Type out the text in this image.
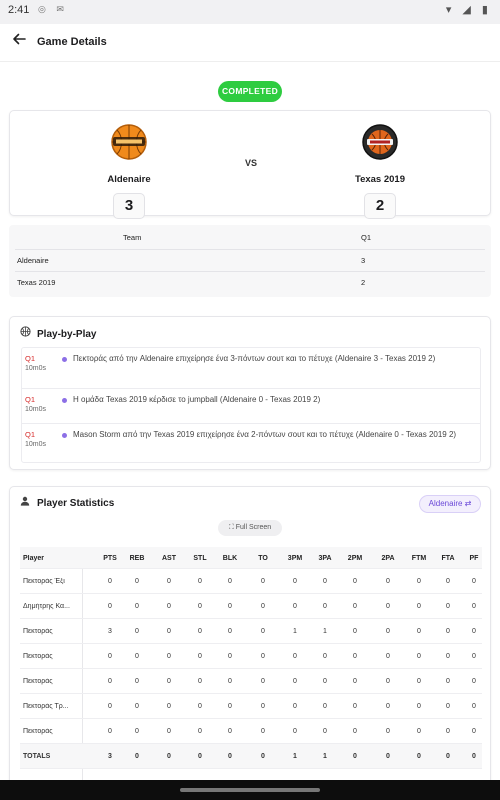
2:41 ◎ ✉	▾ ◢ ▮
Game Details
COMPLETED
Aldenaire
3
VS
Texas 2019
2
Team	Q1
Aldenaire	3
Texas 2019	2
Play-by-Play
Q1
10m0s
Πεκτοράς από την Aldenaire επιχείρησε ένα 3-πόντων σουτ και το πέτυχε (Aldenaire 3 - Texas 2019 2)
Q1
10m0s
Η ομάδα Texas 2019 κέρδισε το jumpball (Aldenaire 0 - Texas 2019 2)
Q1
10m0s
Mason Storm από την Texas 2019 επιχείρησε ένα 2-πόντων σουτ και το πέτυχε (Aldenaire 0 - Texas 2019 2)
Player Statistics	Aldenaire ⇄
⛶ Full Screen
Player	PTS	REB	AST	STL	BLK	TO	3PM	3PA	2PM	2PA	FTM	FTA	PF
Πεκτοράς Έξι	0	0	0	0	0	0	0	0	0	0	0	0	0
Δημήτρης Κα...	0	0	0	0	0	0	0	0	0	0	0	0	0
Πεκτοράς	3	0	0	0	0	0	1	1	0	0	0	0	0
Πεκτοράς	0	0	0	0	0	0	0	0	0	0	0	0	0
Πεκτοράς	0	0	0	0	0	0	0	0	0	0	0	0	0
Πεκτοράς Τρ...	0	0	0	0	0	0	0	0	0	0	0	0	0
Πεκτοράς	0	0	0	0	0	0	0	0	0	0	0	0	0
TOTALS	3	0	0	0	0	0	1	1	0	0	0	0	0
